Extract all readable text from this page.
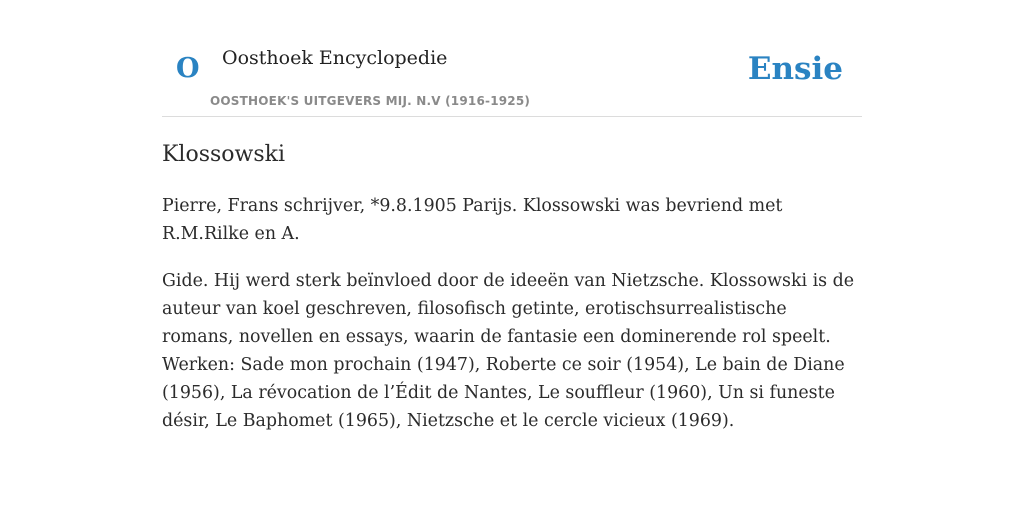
O Oosthoek Encyclopedie
OOSTHOEK'S UITGEVERS MIJ. N.V (1916-1925)
Ensie
Klossowski

Pierre, Frans schrijver, *9.8.1905 Parijs. Klossowski was bevriend met R.M.Rilke en A.

Gide. Hij werd sterk beïnvloed door de ideeën van Nietzsche. Klossowski is de auteur van koel geschreven, filosofisch getinte, erotischsurrealistische romans, novellen en essays, waarin de fantasie een dominerende rol speelt. Werken: Sade mon prochain (1947), Roberte ce soir (1954), Le bain de Diane (1956), La révocation de l’Édit de Nantes, Le souffleur (1960), Un si funeste désir, Le Baphomet (1965), Nietzsche et le cercle vicieux (1969).
